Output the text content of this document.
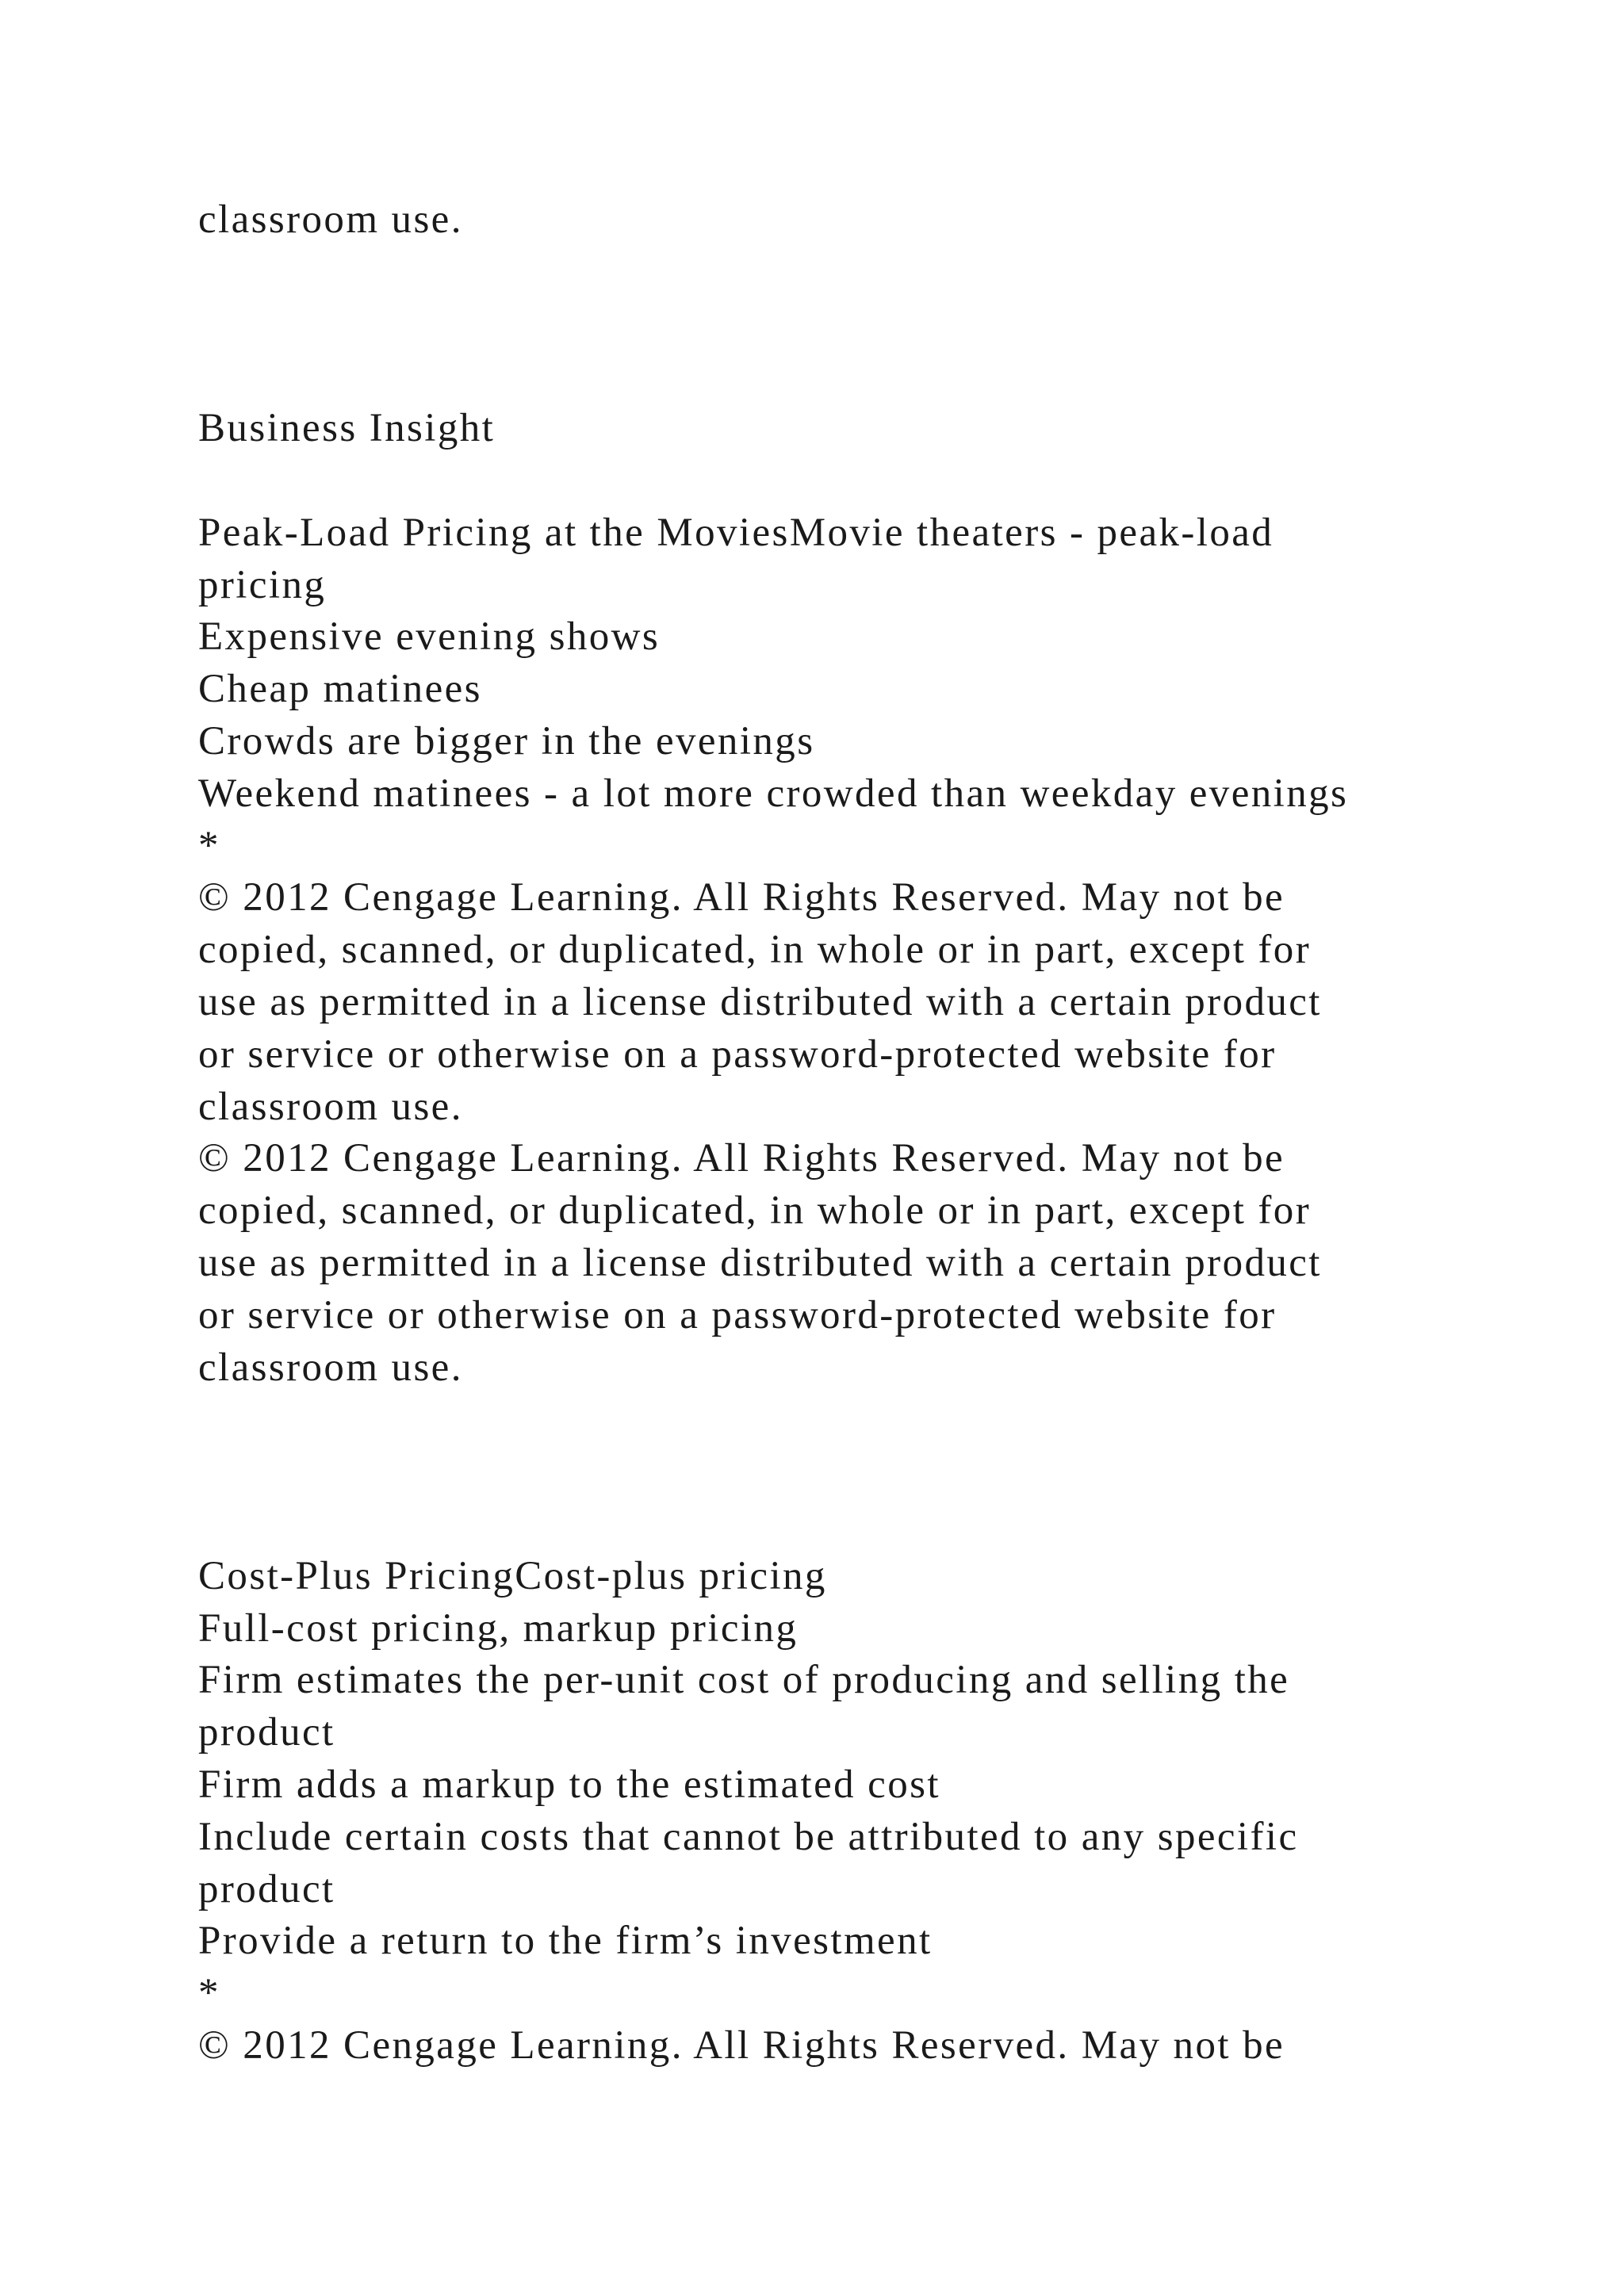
classroom use.

Business Insight

Peak-Load Pricing at the MoviesMovie theaters - peak-load

pricing

Expensive evening shows

Cheap matinees

Crowds are bigger in the evenings

Weekend matinees - a lot more crowded than weekday evenings

*

© 2012 Cengage Learning. All Rights Reserved. May not be

copied, scanned, or duplicated, in whole or in part, except for

use as permitted in a license distributed with a certain product

or service or otherwise on a password-protected website for

classroom use.

© 2012 Cengage Learning. All Rights Reserved. May not be

copied, scanned, or duplicated, in whole or in part, except for

use as permitted in a license distributed with a certain product

or service or otherwise on a password-protected website for

classroom use.

Cost-Plus PricingCost-plus pricing

Full-cost pricing, markup pricing

Firm estimates the per-unit cost of producing and selling the

product

Firm adds a markup to the estimated cost

Include certain costs that cannot be attributed to any specific

product

Provide a return to the firm’s investment

*

© 2012 Cengage Learning. All Rights Reserved. May not be
